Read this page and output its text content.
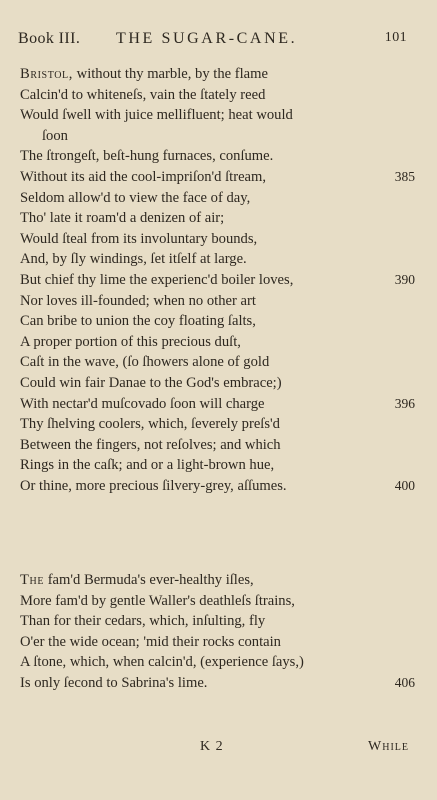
Book III. THE SUGAR-CANE.	101
Bristol, without thy marble, by the flame
Calcin'd to whiteneſs, vain the ſtately reed
Would ſwell with juice mellifluent; heat would
ſoon
The ſtrongeſt, beſt-hung furnaces, conſume.
Without its aid the cool-impriſon'd ſtream,	385
Seldom allow'd to view the face of day,
Tho' late it roam'd a denizen of air;
Would ſteal from its involuntary bounds,
And, by ſly windings, ſet itſelf at large.
But chief thy lime the experienc'd boiler loves,	390
Nor loves ill-founded; when no other art
Can bribe to union the coy floating ſalts,
A proper portion of this precious duſt,
Caſt in the wave, (ſo ſhowers alone of gold
Could win fair Danae to the God's embrace;)
With nectar'd muſcovado ſoon will charge	396
Thy ſhelving coolers, which, ſeverely preſs'd
Between the fingers, not reſolves; and which
Rings in the caſk; and or a light-brown hue,
Or thine, more precious ſilvery-grey, aſſumes.	400
The fam'd Bermuda's ever-healthy iſles,
More fam'd by gentle Waller's deathleſs ſtrains,
Than for their cedars, which, inſulting, fly
O'er the wide ocean; 'mid their rocks contain
A ſtone, which, when calcin'd, (experience ſays,)
Is only ſecond to Sabrina's lime.	406
K 2	While
